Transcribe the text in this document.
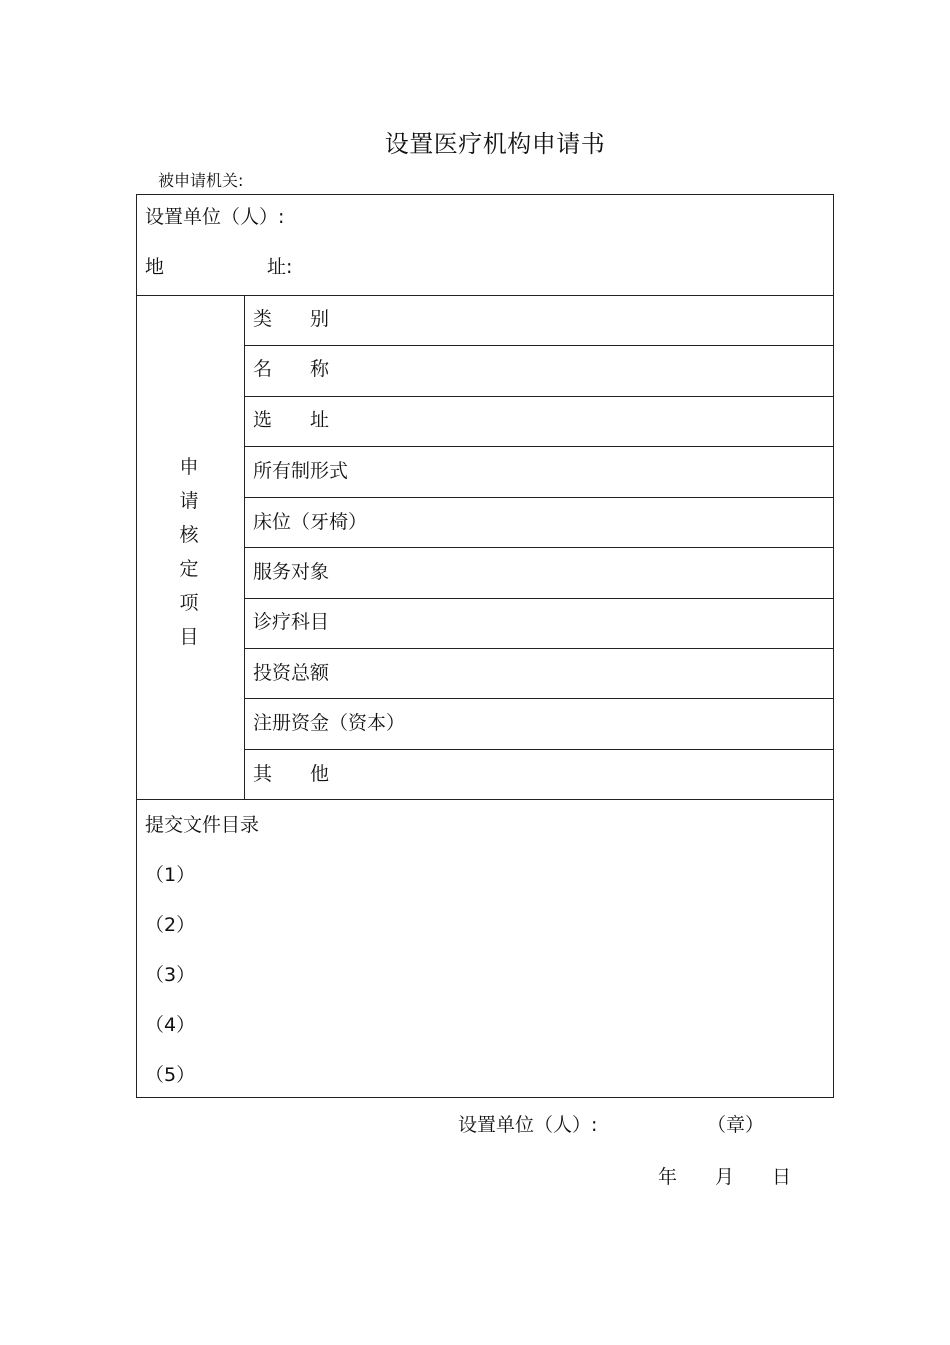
设置医疗机构申请书
被申请机关:
设置单位（人）:
地	址:
申
请
核
定
项
目
类 别
名 称
选 址
所有制形式
床位（牙椅）
服务对象
诊疗科目
投资总额
注册资金（资本）
其 他
提交文件目录
（1）
（2）
（3）
（4）
（5）
设置单位（人）:	（章）
年 月 日
